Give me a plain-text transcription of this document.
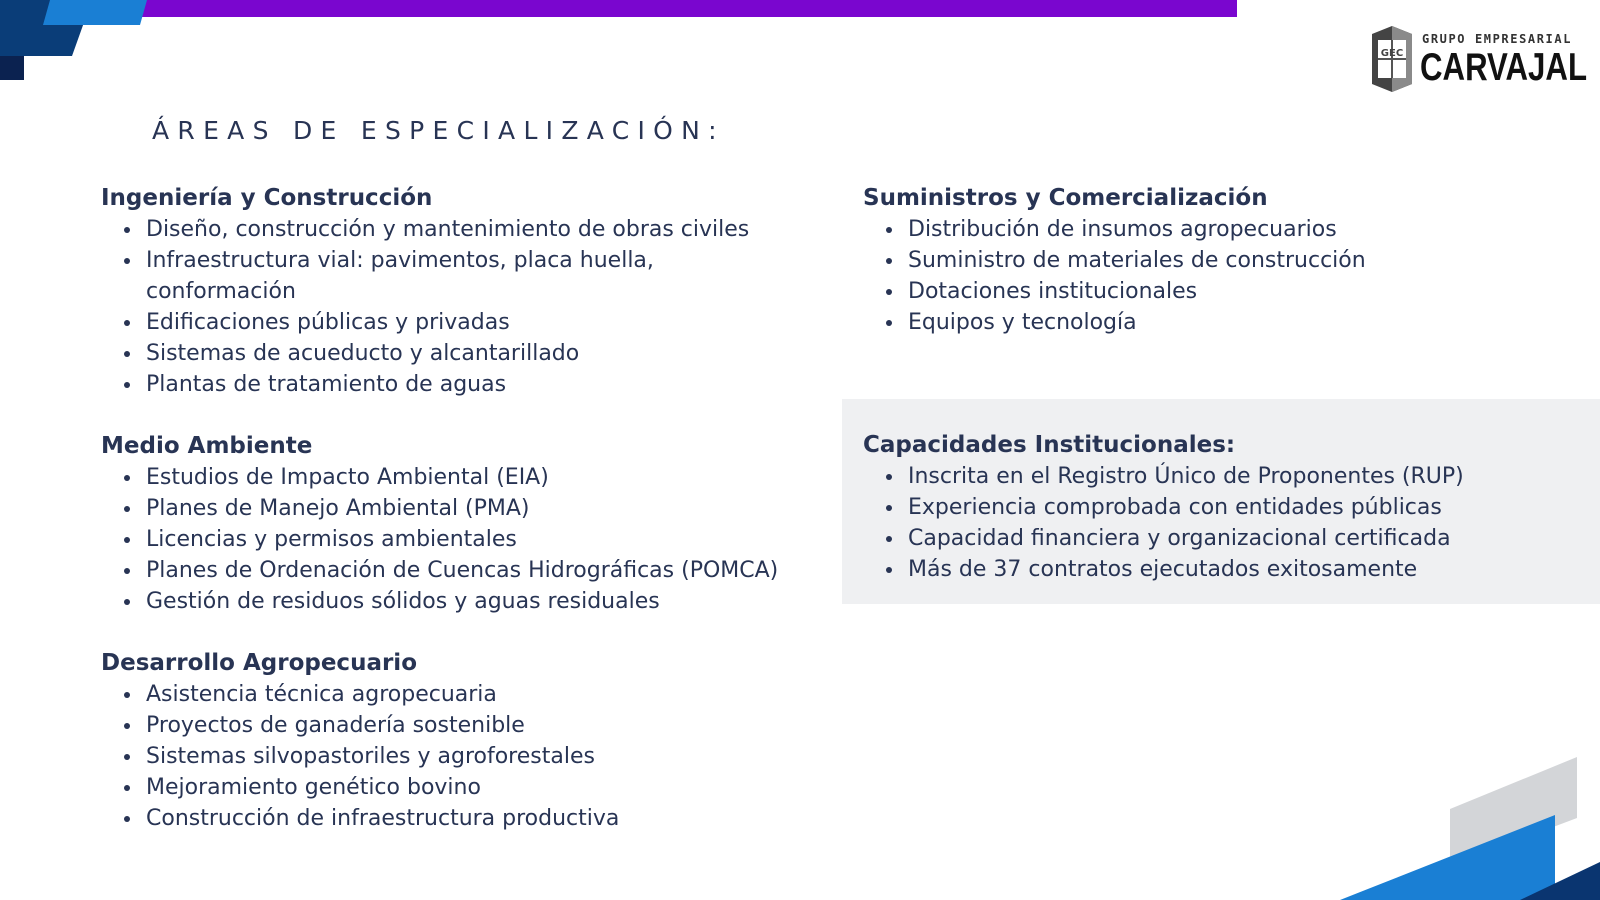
GEC
GRUPO EMPRESARIAL
CARVAJAL
ÁREAS DE ESPECIALIZACIÓN:
Ingeniería y Construcción
Diseño, construcción y mantenimiento de obras civiles
Infraestructura vial: pavimentos, placa huella, conformación
Edificaciones públicas y privadas
Sistemas de acueducto y alcantarillado
Plantas de tratamiento de aguas
Medio Ambiente
Estudios de Impacto Ambiental (EIA)
Planes de Manejo Ambiental (PMA)
Licencias y permisos ambientales
Planes de Ordenación de Cuencas Hidrográficas (POMCA)
Gestión de residuos sólidos y aguas residuales
Desarrollo Agropecuario
Asistencia técnica agropecuaria
Proyectos de ganadería sostenible
Sistemas silvopastoriles y agroforestales
Mejoramiento genético bovino
Construcción de infraestructura productiva
Suministros y Comercialización
Distribución de insumos agropecuarios
Suministro de materiales de construcción
Dotaciones institucionales
Equipos y tecnología
Capacidades Institucionales:
Inscrita en el Registro Único de Proponentes (RUP)
Experiencia comprobada con entidades públicas
Capacidad financiera y organizacional certificada
Más de 37 contratos ejecutados exitosamente
